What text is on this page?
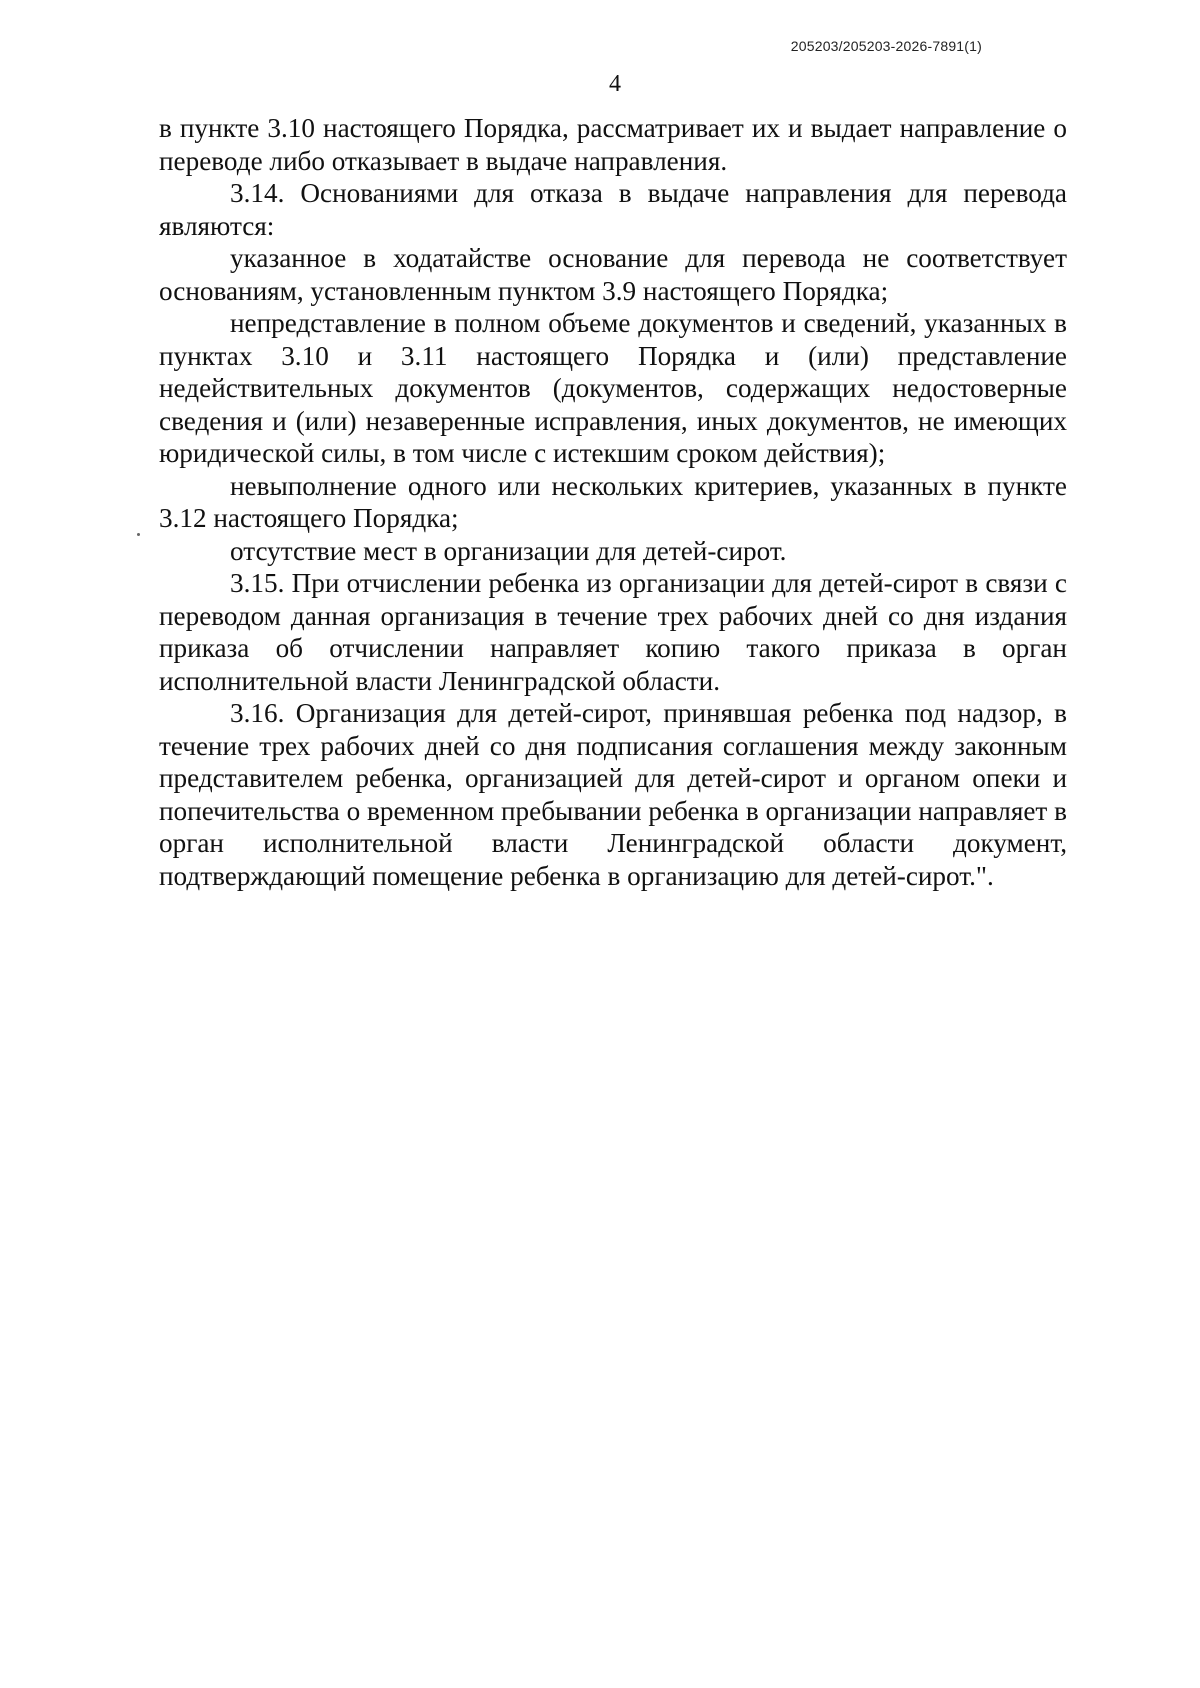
205203/205203-2026-7891(1)
4

в пункте 3.10 настоящего Порядка, рассматривает их и выдает направление о переводе либо отказывает в выдаче направления.

3.14. Основаниями для отказа в выдаче направления для перевода являются:

указанное в ходатайстве основание для перевода не соответствует основаниям, установленным пунктом 3.9 настоящего Порядка;

непредставление в полном объеме документов и сведений, указанных в пунктах 3.10 и 3.11 настоящего Порядка и (или) представление недействительных документов (документов, содержащих недостоверные сведения и (или) незаверенные исправления, иных документов, не имеющих юридической силы, в том числе с истекшим сроком действия);

невыполнение одного или нескольких критериев, указанных в пункте 3.12 настоящего Порядка;

отсутствие мест в организации для детей-сирот.

3.15. При отчислении ребенка из организации для детей-сирот в связи с переводом данная организация в течение трех рабочих дней со дня издания приказа об отчислении направляет копию такого приказа в орган исполнительной власти Ленинградской области.

3.16. Организация для детей-сирот, принявшая ребенка под надзор, в течение трех рабочих дней со дня подписания соглашения между законным представителем ребенка, организацией для детей-сирот и органом опеки и попечительства о временном пребывании ребенка в организации направляет в орган исполнительной власти Ленинградской области документ, подтверждающий помещение ребенка в организацию для детей-сирот.".
